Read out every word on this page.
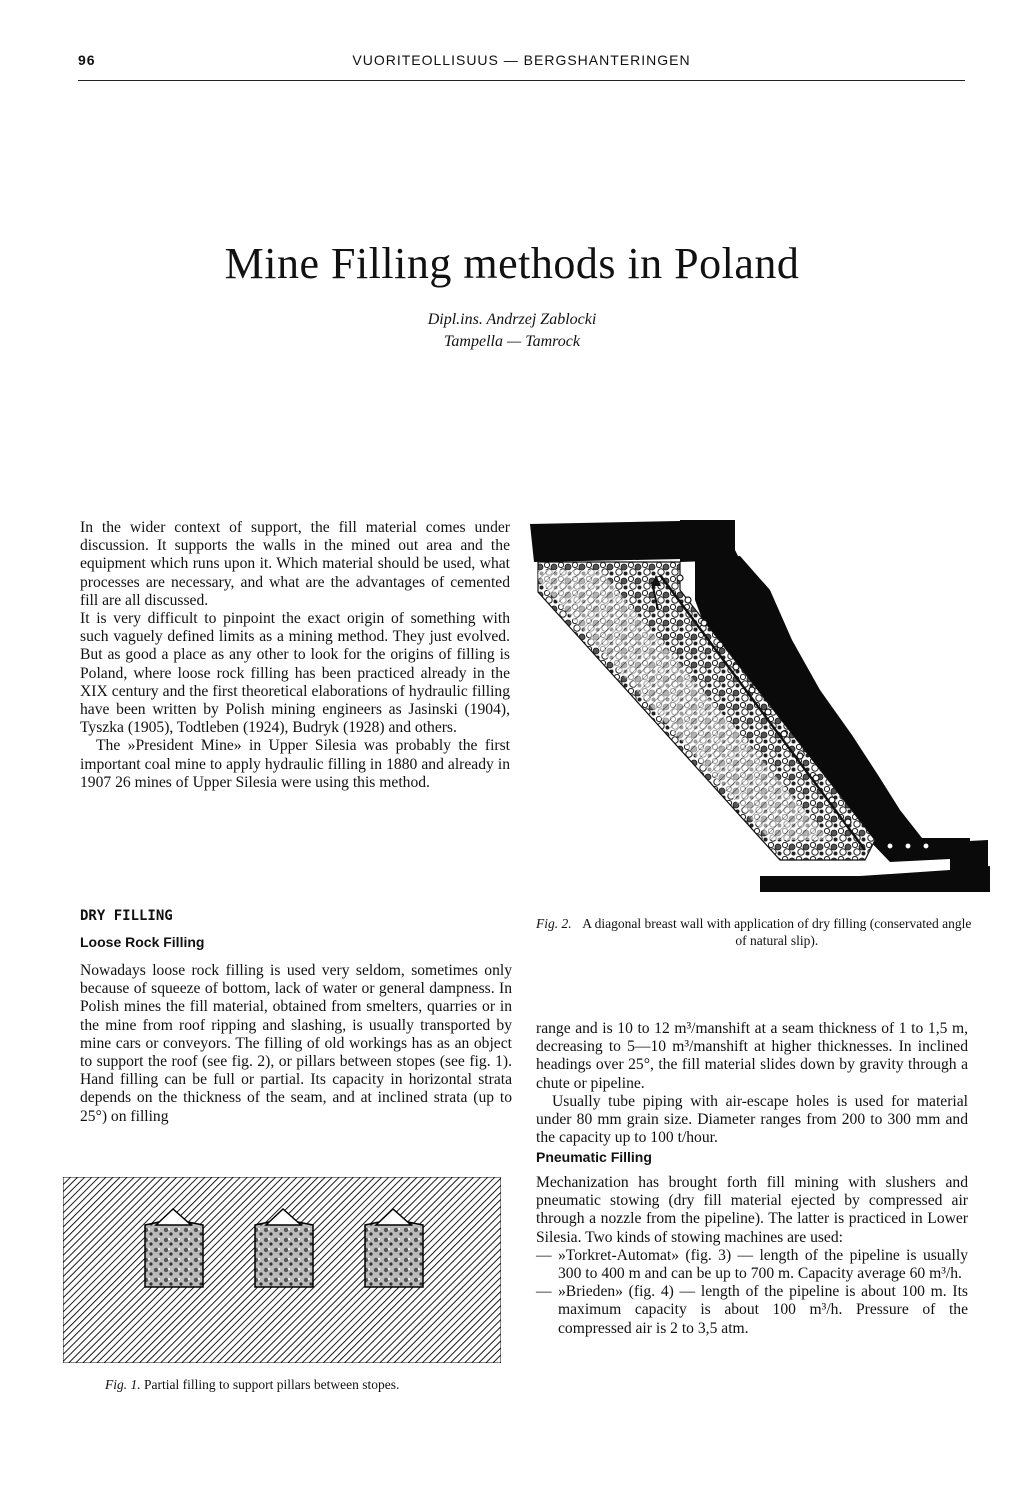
96	VUORITEOLLISUUS — BERGSHANTERINGEN
Mine Filling methods in Poland
Dipl.ins. Andrzej Zablocki
Tampella — Tamrock

In the wider context of support, the fill material comes under discussion. It supports the walls in the mined out area and the equipment which runs upon it. Which material should be used, what processes are necessary, and what are the advantages of cemented fill are all discussed.

It is very difficult to pinpoint the exact origin of something with such vaguely defined limits as a mining method. They just evolved. But as good a place as any other to look for the origins of filling is Poland, where loose rock filling has been practiced already in the XIX century and the first theoretical elaborations of hydraulic filling have been written by Polish mining engineers as Jasinski (1904), Tyszka (1905), Todtleben (1924), Budryk (1928) and others.

The »President Mine» in Upper Silesia was probably the first important coal mine to apply hydraulic filling in 1880 and already in 1907 26 mines of Upper Silesia were using this method.

Fig. 2. A diagonal breast wall with application of dry filling (conservated angle of natural slip).
DRY FILLING
Loose Rock Filling

Nowadays loose rock filling is used very seldom, sometimes only because of squeeze of bottom, lack of water or general dampness. In Polish mines the fill material, obtained from smelters, quarries or in the mine from roof ripping and slashing, is usually transported by mine cars or conveyors. The filling of old workings has as an object to support the roof (see fig. 2), or pillars between stopes (see fig. 1). Hand filling can be full or partial. Its capacity in horizontal strata depends on the thickness of the seam, and at inclined strata (up to 25°) on filling

Fig. 1. Partial filling to support pillars between stopes.

range and is 10 to 12 m³/manshift at a seam thickness of 1 to 1,5 m, decreasing to 5—10 m³/manshift at higher thicknesses. In inclined headings over 25°, the fill material slides down by gravity through a chute or pipeline.

Usually tube piping with air-escape holes is used for material under 80 mm grain size. Diameter ranges from 200 to 300 mm and the capacity up to 100 t/hour.

Pneumatic Filling

Mechanization has brought forth fill mining with slushers and pneumatic stowing (dry fill material ejected by compressed air through a nozzle from the pipeline). The latter is practiced in Lower Silesia. Two kinds of stowing machines are used:

— »Torkret-Automat» (fig. 3) — length of the pipeline is usually 300 to 400 m and can be up to 700 m. Capacity average 60 m³/h.
— »Brieden» (fig. 4) — length of the pipeline is about 100 m. Its maximum capacity is about 100 m³/h. Pressure of the compressed air is 2 to 3,5 atm.
